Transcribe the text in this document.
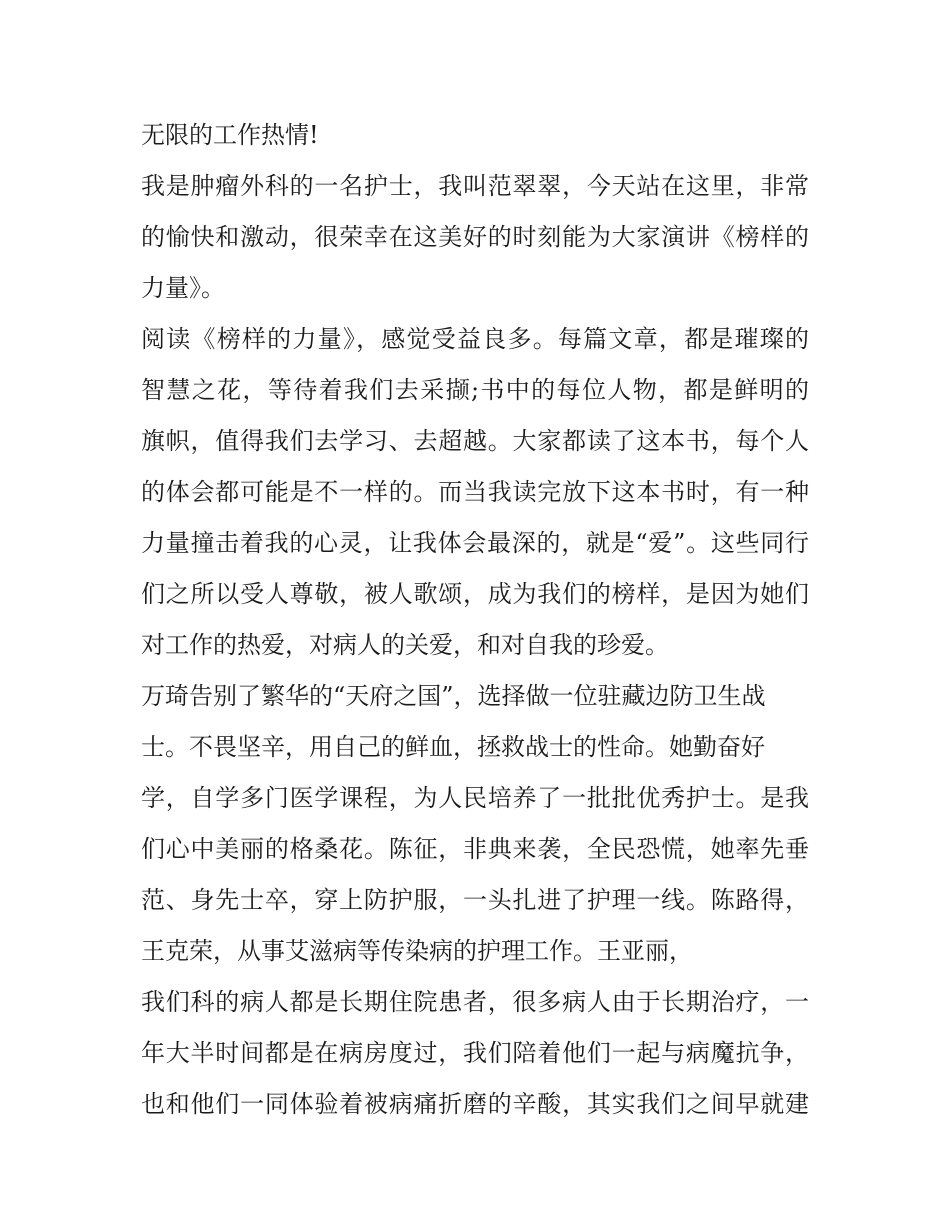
无限的工作热情!
我是肿瘤外科的一名护士，我叫范翠翠，今天站在这里，非常
的愉快和激动，很荣幸在这美好的时刻能为大家演讲《榜样的
力量》。
阅读《榜样的力量》，感觉受益良多。每篇文章，都是璀璨的
智慧之花，等待着我们去采撷;书中的每位人物，都是鲜明的
旗帜，值得我们去学习、去超越。大家都读了这本书，每个人
的体会都可能是不一样的。而当我读完放下这本书时，有一种
力量撞击着我的心灵，让我体会最深的，就是“爱”。这些同行
们之所以受人尊敬，被人歌颂，成为我们的榜样，是因为她们
对工作的热爱，对病人的关爱，和对自我的珍爱。
万琦告别了繁华的“天府之国”，选择做一位驻藏边防卫生战
士。不畏坚辛，用自己的鲜血，拯救战士的性命。她勤奋好
学，自学多门医学课程，为人民培养了一批批优秀护士。是我
们心中美丽的格桑花。陈征，非典来袭，全民恐慌，她率先垂
范、身先士卒，穿上防护服，一头扎进了护理一线。陈路得，
王克荣，从事艾滋病等传染病的护理工作。王亚丽，
我们科的病人都是长期住院患者，很多病人由于长期治疗，一
年大半时间都是在病房度过，我们陪着他们一起与病魔抗争，
也和他们一同体验着被病痛折磨的辛酸，其实我们之间早就建
